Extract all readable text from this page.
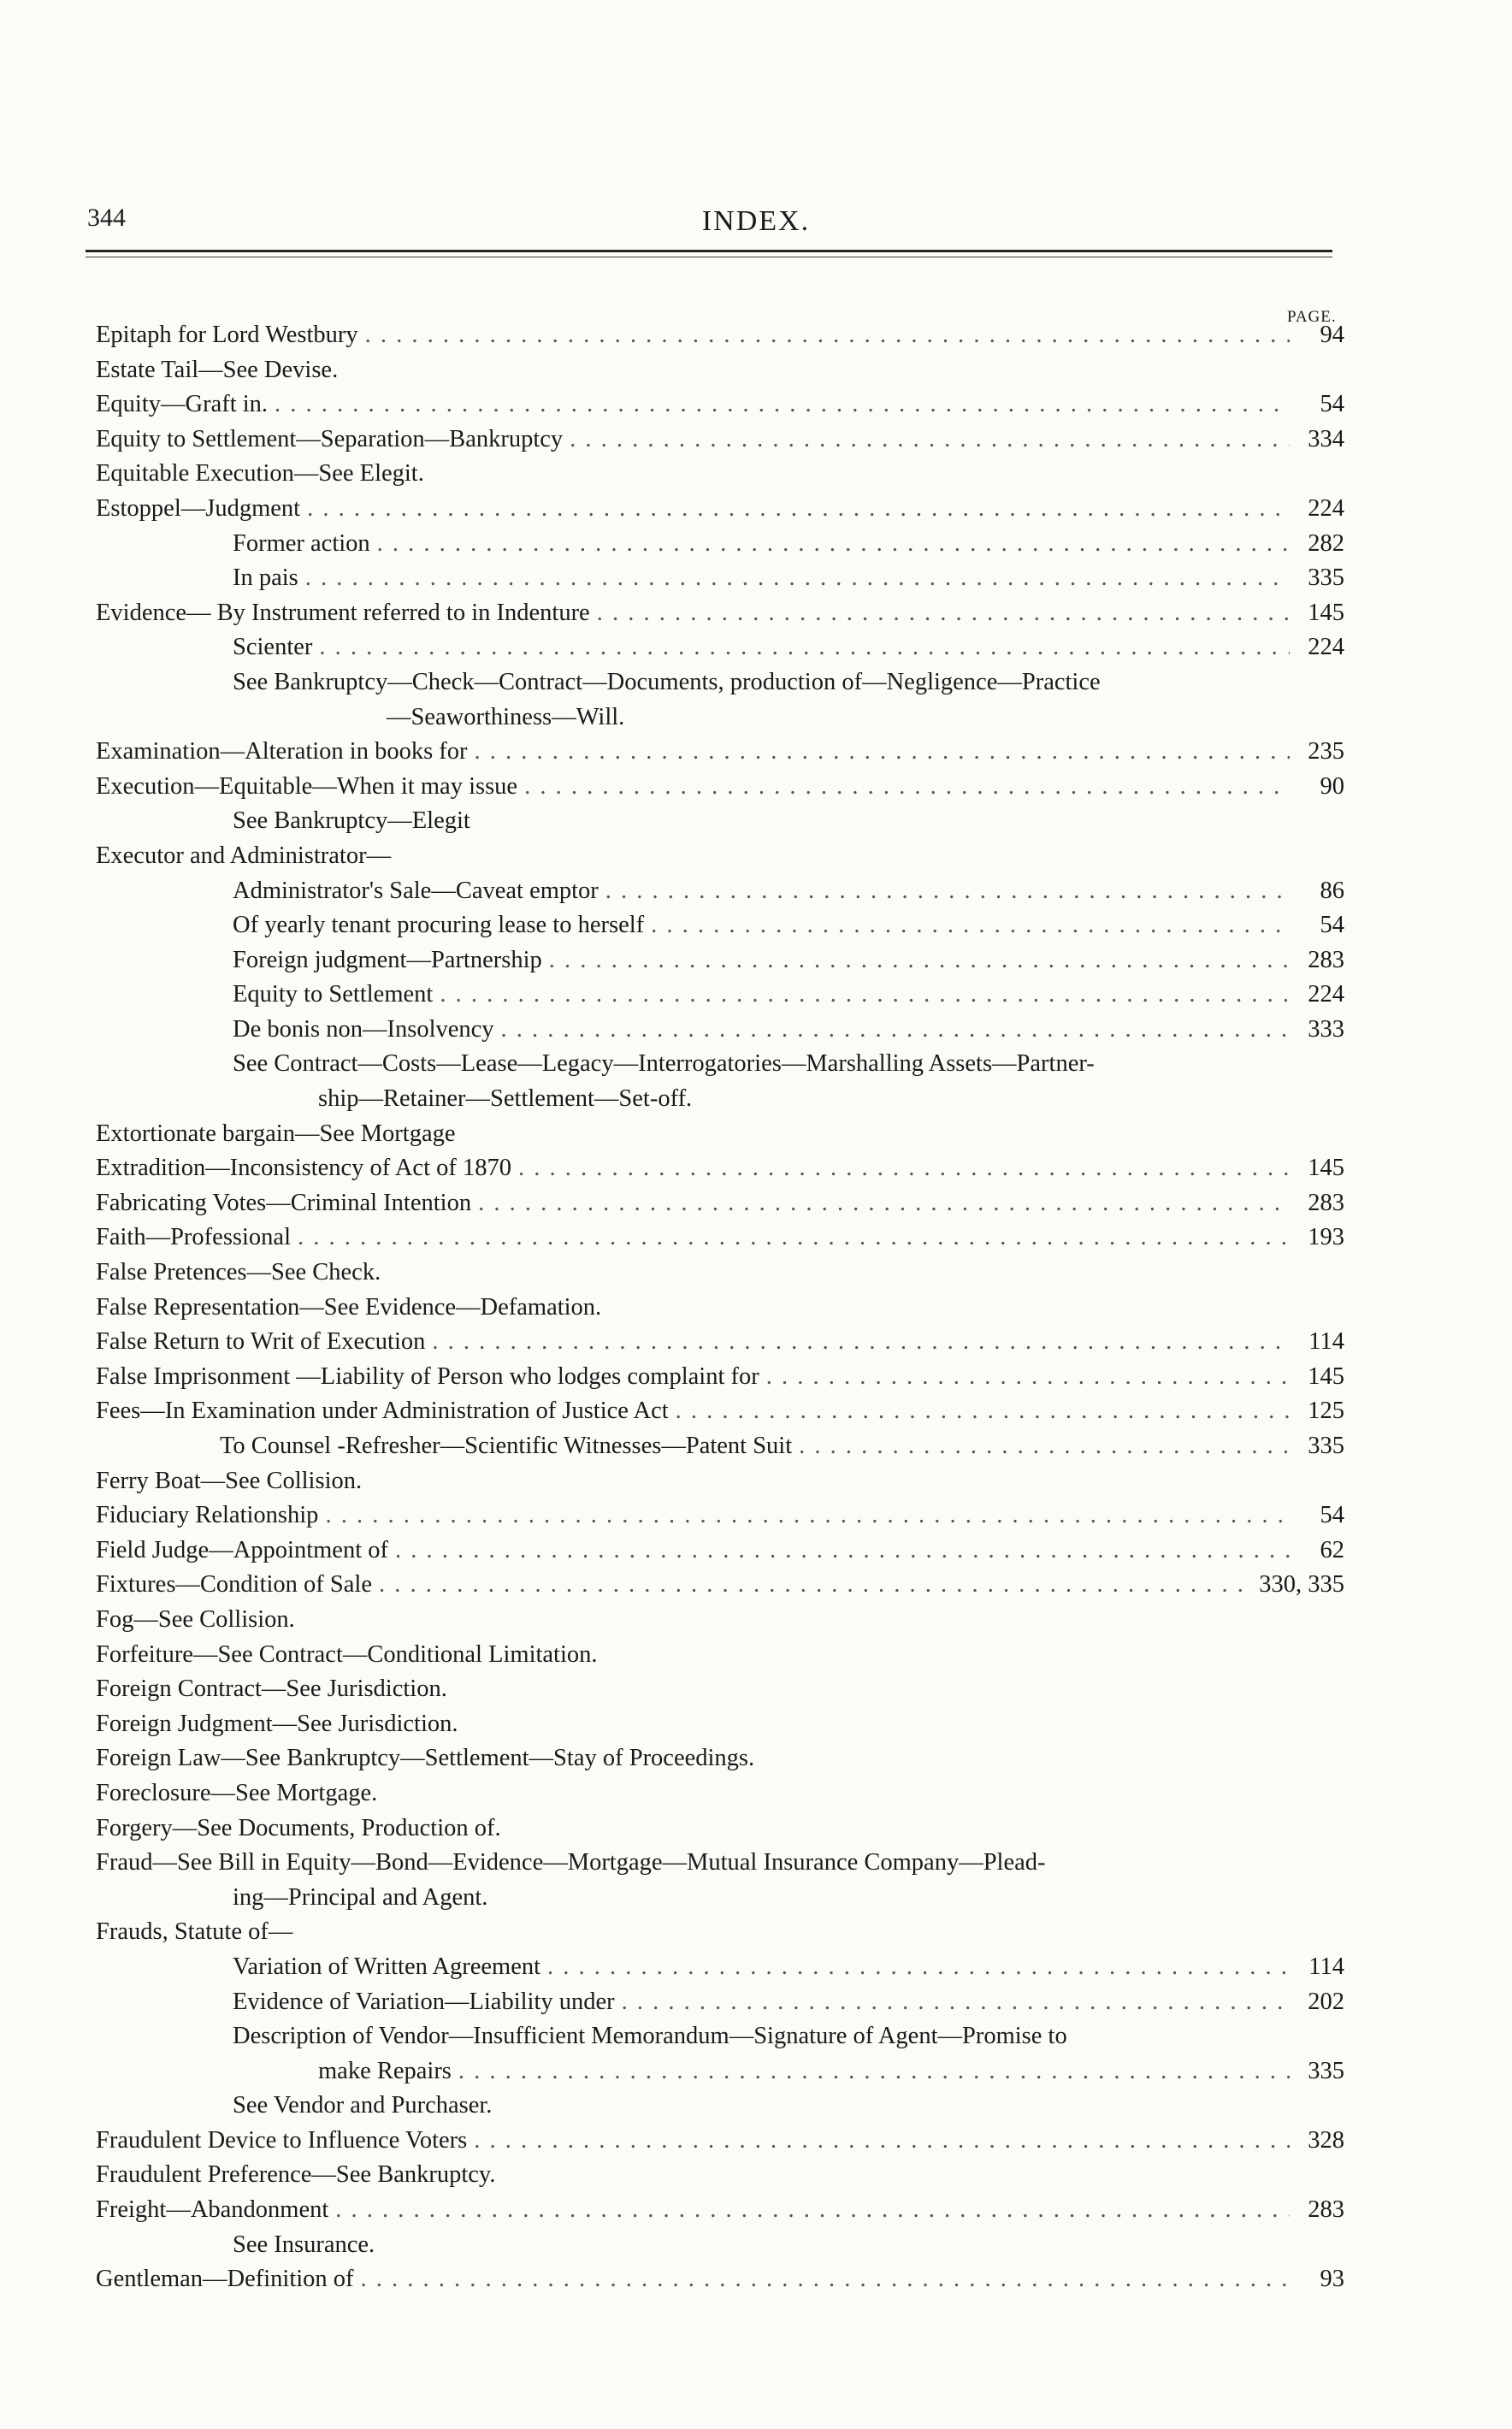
344	INDEX.
PAGE.
Epitaph for Lord Westbury . . .	94
Estate Tail—See Devise.
Equity—Graft in. . . .	54
Equity to Settlement—Separation—Bankruptcy . . .	334
Equitable Execution—See Elegit.
Estoppel—Judgment . . .	224
Former action . . .	282
In pais . . .	335
Evidence— By Instrument referred to in Indenture . . .	145
Scienter . . .	224
See Bankruptcy—Check—Contract—Documents, production of—Negligence—Practice
—Seaworthiness—Will.
Examination—Alteration in books for . . .	235
Execution—Equitable—When it may issue . . .	90
See Bankruptcy—Elegit
Executor and Administrator—
Administrator's Sale—Caveat emptor . . .	86
Of yearly tenant procuring lease to herself . . .	54
Foreign judgment—Partnership . . .	283
Equity to Settlement . . .	224
De bonis non—Insolvency . . .	333
See Contract—Costs—Lease—Legacy—Interrogatories—Marshalling Assets—Partner-
ship—Retainer—Settlement—Set-off.
Extortionate bargain—See Mortgage
Extradition—Inconsistency of Act of 1870 . . .	145
Fabricating Votes—Criminal Intention . . .	283
Faith—Professional . . .	193
False Pretences—See Check.
False Representation—See Evidence—Defamation.
False Return to Writ of Execution . . .	114
False Imprisonment —Liability of Person who lodges complaint for . . .	145
Fees—In Examination under Administration of Justice Act . . .	125
To Counsel -Refresher—Scientific Witnesses—Patent Suit . . .	335
Ferry Boat—See Collision.
Fiduciary Relationship . . .	54
Field Judge—Appointment of . . .	62
Fixtures—Condition of Sale . . .	330, 335
Fog—See Collision.
Forfeiture—See Contract—Conditional Limitation.
Foreign Contract—See Jurisdiction.
Foreign Judgment—See Jurisdiction.
Foreign Law—See Bankruptcy—Settlement—Stay of Proceedings.
Foreclosure—See Mortgage.
Forgery—See Documents, Production of.
Fraud—See Bill in Equity—Bond—Evidence—Mortgage—Mutual Insurance Company—Plead-
ing—Principal and Agent.
Frauds, Statute of—
Variation of Written Agreement . . .	114
Evidence of Variation—Liability under . . .	202
Description of Vendor—Insufficient Memorandum—Signature of Agent—Promise to
make Repairs . . .	335
See Vendor and Purchaser.
Fraudulent Device to Influence Voters . . .	328
Fraudulent Preference—See Bankruptcy.
Freight—Abandonment . . .	283
See Insurance.
Gentleman—Definition of . . .	93
